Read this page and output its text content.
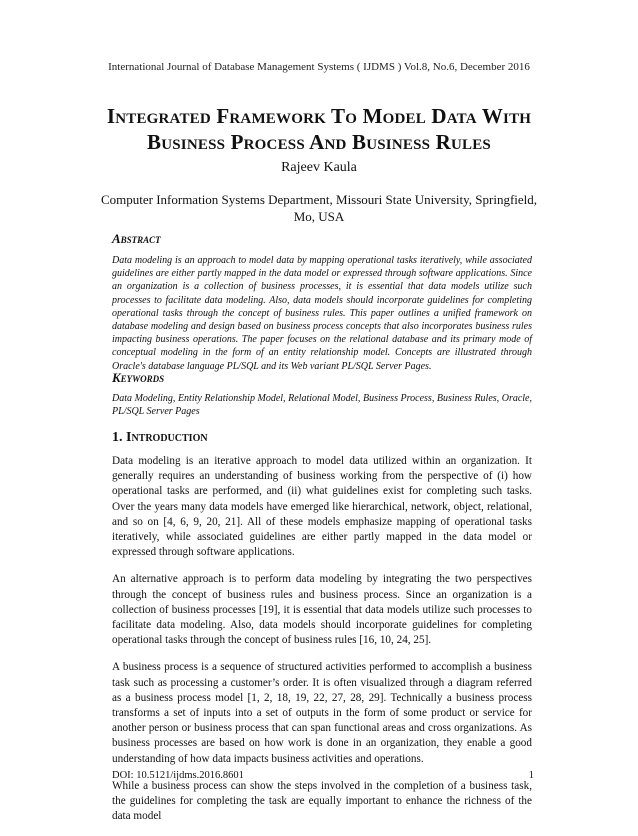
International Journal of Database Management Systems ( IJDMS ) Vol.8, No.6, December 2016
Integrated Framework To Model Data With
Business Process And Business Rules
Rajeev Kaula
Computer Information Systems Department, Missouri State University, Springfield, Mo, USA
Abstract

Data modeling is an approach to model data by mapping operational tasks iteratively, while associated guidelines are either partly mapped in the data model or expressed through software applications. Since an organization is a collection of business processes, it is essential that data models utilize such processes to facilitate data modeling. Also, data models should incorporate guidelines for completing operational tasks through the concept of business rules. This paper outlines a unified framework on database modeling and design based on business process concepts that also incorporates business rules impacting business operations. The paper focuses on the relational database and its primary mode of conceptual modeling in the form of an entity relationship model. Concepts are illustrated through Oracle's database language PL/SQL and its Web variant PL/SQL Server Pages.

Keywords

Data Modeling, Entity Relationship Model, Relational Model, Business Process, Business Rules, Oracle, PL/SQL Server Pages

1. Introduction

Data modeling is an iterative approach to model data utilized within an organization. It generally requires an understanding of business working from the perspective of (i) how operational tasks are performed, and (ii) what guidelines exist for completing such tasks. Over the years many data models have emerged like hierarchical, network, object, relational, and so on [4, 6, 9, 20, 21]. All of these models emphasize mapping of operational tasks iteratively, while associated guidelines are either partly mapped in the data model or expressed through software applications.

An alternative approach is to perform data modeling by integrating the two perspectives through the concept of business rules and business process. Since an organization is a collection of business processes [19], it is essential that data models utilize such processes to facilitate data modeling. Also, data models should incorporate guidelines for completing operational tasks through the concept of business rules [16, 10, 24, 25].

A business process is a sequence of structured activities performed to accomplish a business task such as processing a customer’s order. It is often visualized through a diagram referred as a business process model [1, 2, 18, 19, 22, 27, 28, 29]. Technically a business process transforms a set of inputs into a set of outputs in the form of some product or service for another person or business process that can span functional areas and cross organizations. As business processes are based on how work is done in an organization, they enable a good understanding of how data impacts business activities and operations.

While a business process can show the steps involved in the completion of a business task, the guidelines for completing the task are equally important to enhance the richness of the data model

DOI: 10.5121/ijdms.2016.8601	1
